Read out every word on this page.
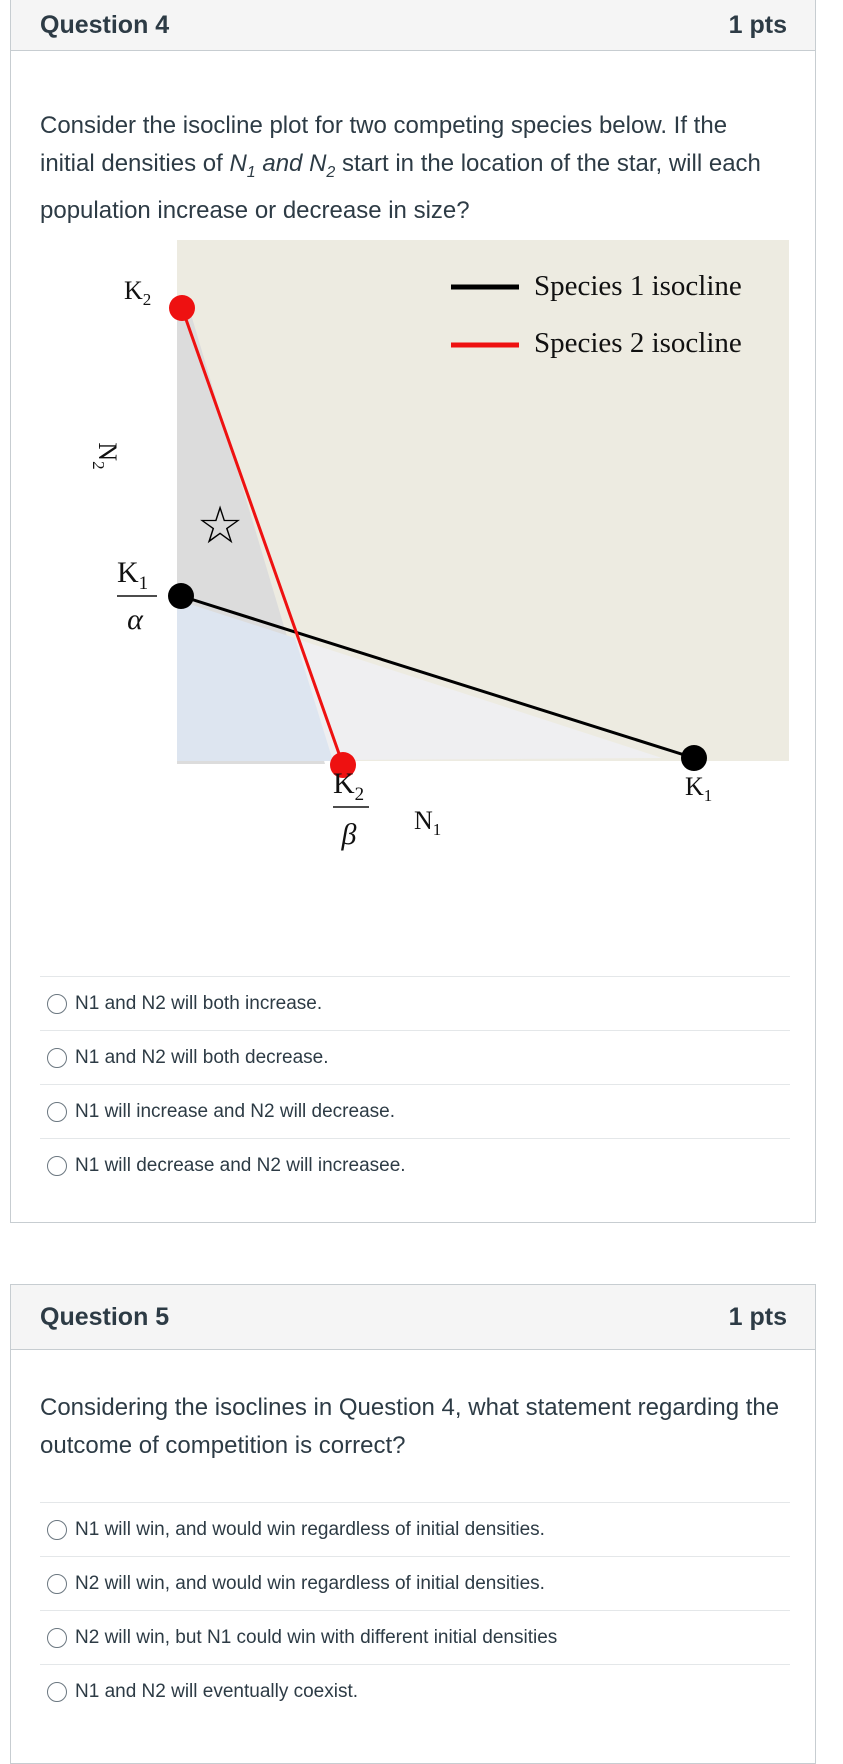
Question 4	1 pts
Consider the isocline plot for two competing species below. If the initial densities of $N_1$ and $N_2$ start in the location of the star, will each population increase or decrease in size?
☆
Species 1 isocline
Species 2 isocline
$K_2$
$N_2$
$K_1$
α
$K_2$
β $N_1$
$K_1$
N1 and N2 will both increase.
N1 and N2 will both decrease.
N1 will increase and N2 will decrease.
N1 will decrease and N2 will increasee.
Question 5	1 pts
Considering the isoclines in Question 4, what statement regarding the outcome of competition is correct?
N1 will win, and would win regardless of initial densities.
N2 will win, and would win regardless of initial densities.
N2 will win, but N1 could win with different initial densities
N1 and N2 will eventually coexist.
